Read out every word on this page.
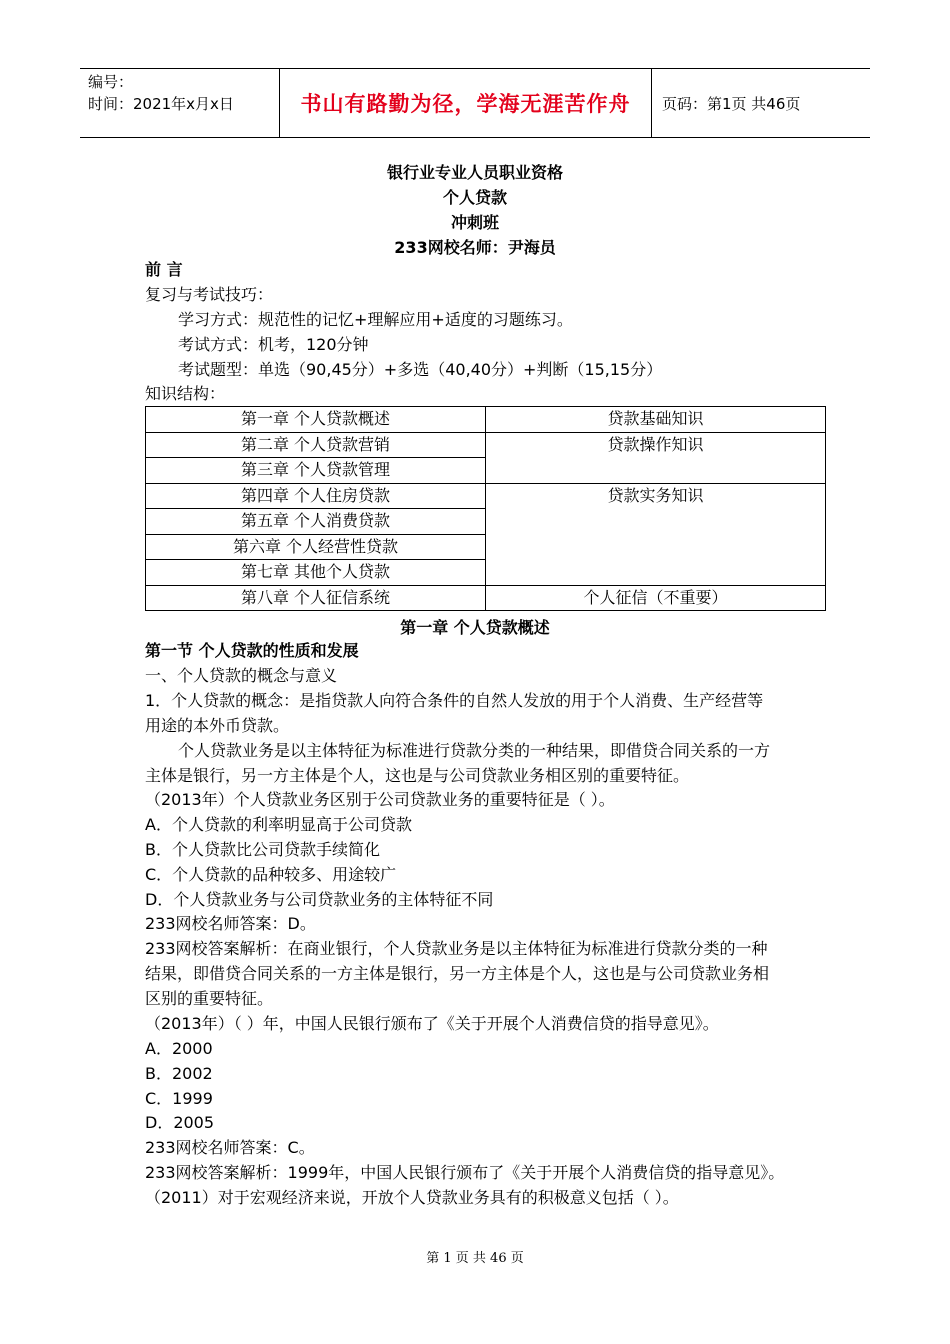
编号：
时间：2021年x月x日	书山有路勤为径，学海无涯苦作舟	页码：第1页 共46页
银行业专业人员职业资格
个人贷款
冲刺班
233网校名师：尹海员
前 言
复习与考试技巧：
学习方式：规范性的记忆+理解应用+适度的习题练习。
考试方式：机考，120分钟
考试题型：单选（90,45分）+多选（40,40分）+判断（15,15分）
知识结构：
第一章 个人贷款概述	贷款基础知识
第二章 个人贷款营销	贷款操作知识
第三章 个人贷款管理	
第四章 个人住房贷款	贷款实务知识
第五章 个人消费贷款	
第六章 个人经营性贷款	
第七章 其他个人贷款	
第八章 个人征信系统	个人征信（不重要）
第一章 个人贷款概述
第一节 个人贷款的性质和发展
一、个人贷款的概念与意义
1．个人贷款的概念：是指贷款人向符合条件的自然人发放的用于个人消费、生产经营等
用途的本外币贷款。
个人贷款业务是以主体特征为标准进行贷款分类的一种结果，即借贷合同关系的一方
主体是银行，另一方主体是个人，这也是与公司贷款业务相区别的重要特征。
（2013年）个人贷款业务区别于公司贷款业务的重要特征是（ ）。
A．个人贷款的利率明显高于公司贷款
B．个人贷款比公司贷款手续简化
C．个人贷款的品种较多、用途较广
D．个人贷款业务与公司贷款业务的主体特征不同
233网校名师答案：D。
233网校答案解析：在商业银行，个人贷款业务是以主体特征为标准进行贷款分类的一种
结果，即借贷合同关系的一方主体是银行，另一方主体是个人，这也是与公司贷款业务相
区别的重要特征。
（2013年）（ ）年，中国人民银行颁布了《关于开展个人消费信贷的指导意见》。
A．2000
B．2002
C．1999
D．2005
233网校名师答案：C。
233网校答案解析：1999年，中国人民银行颁布了《关于开展个人消费信贷的指导意见》。
（2011）对于宏观经济来说，开放个人贷款业务具有的积极意义包括（ ）。
第 1 页 共 46 页
